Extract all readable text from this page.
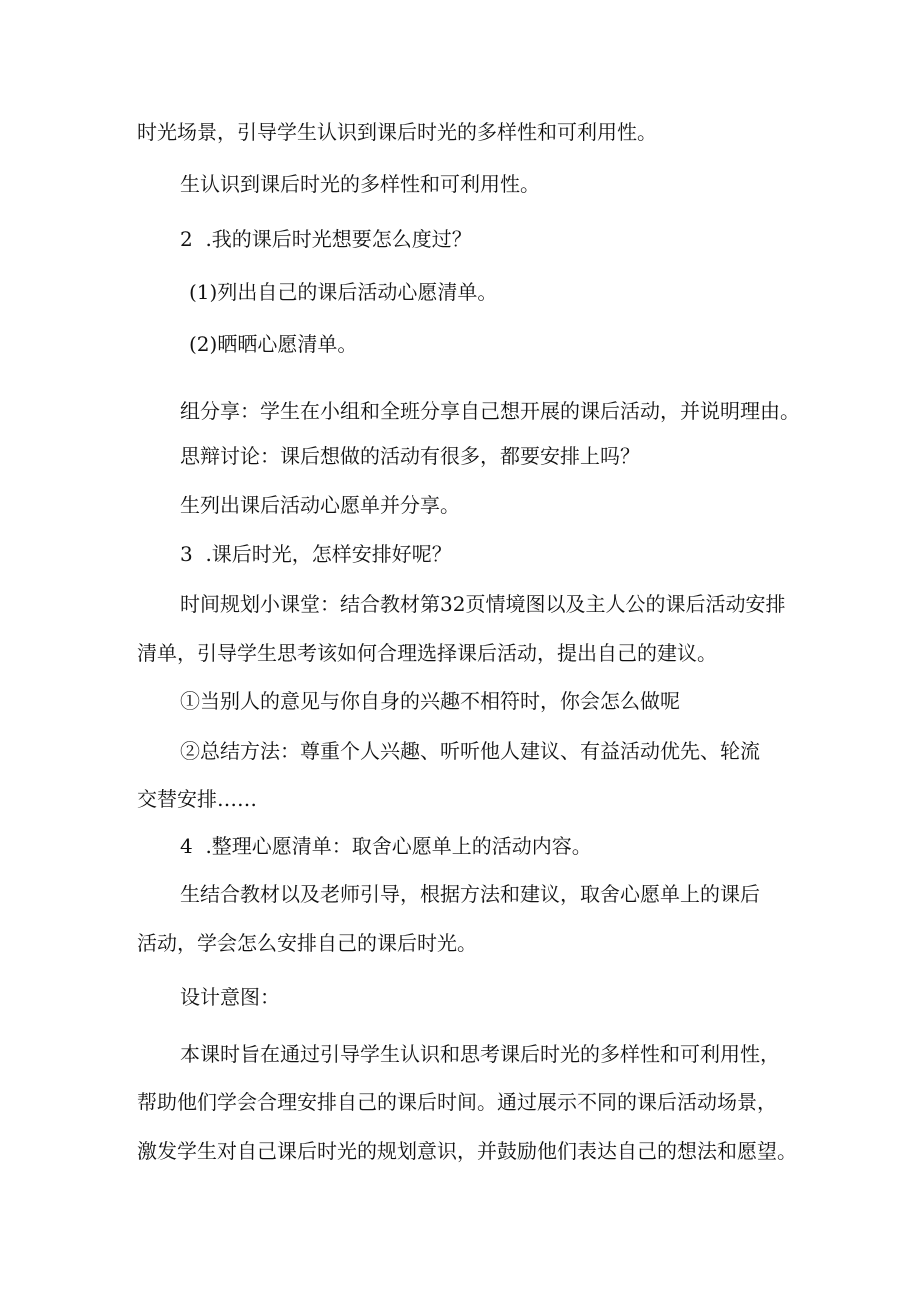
时光场景，引导学生认识到课后时光的多样性和可利用性。
生认识到课后时光的多样性和可利用性。
2  .我的课后时光想要怎么度过？
(1)列出自己的课后活动心愿清单。
(2)晒晒心愿清单。
组分享：学生在小组和全班分享自己想开展的课后活动，并说明理由。
思辩讨论：课后想做的活动有很多，都要安排上吗？
生列出课后活动心愿单并分享。
3  .课后时光，怎样安排好呢？
时间规划小课堂：结合教材第32页情境图以及主人公的课后活动安排
清单，引导学生思考该如何合理选择课后活动，提出自己的建议。
①当别人的意见与你自身的兴趣不相符时，你会怎么做呢
②总结方法：尊重个人兴趣、听听他人建议、有益活动优先、轮流
交替安排……
4  .整理心愿清单：取舍心愿单上的活动内容。
生结合教材以及老师引导，根据方法和建议，取舍心愿单上的课后
活动，学会怎么安排自己的课后时光。
设计意图：
本课时旨在通过引导学生认识和思考课后时光的多样性和可利用性，
帮助他们学会合理安排自己的课后时间。通过展示不同的课后活动场景，
激发学生对自己课后时光的规划意识，并鼓励他们表达自己的想法和愿望。
